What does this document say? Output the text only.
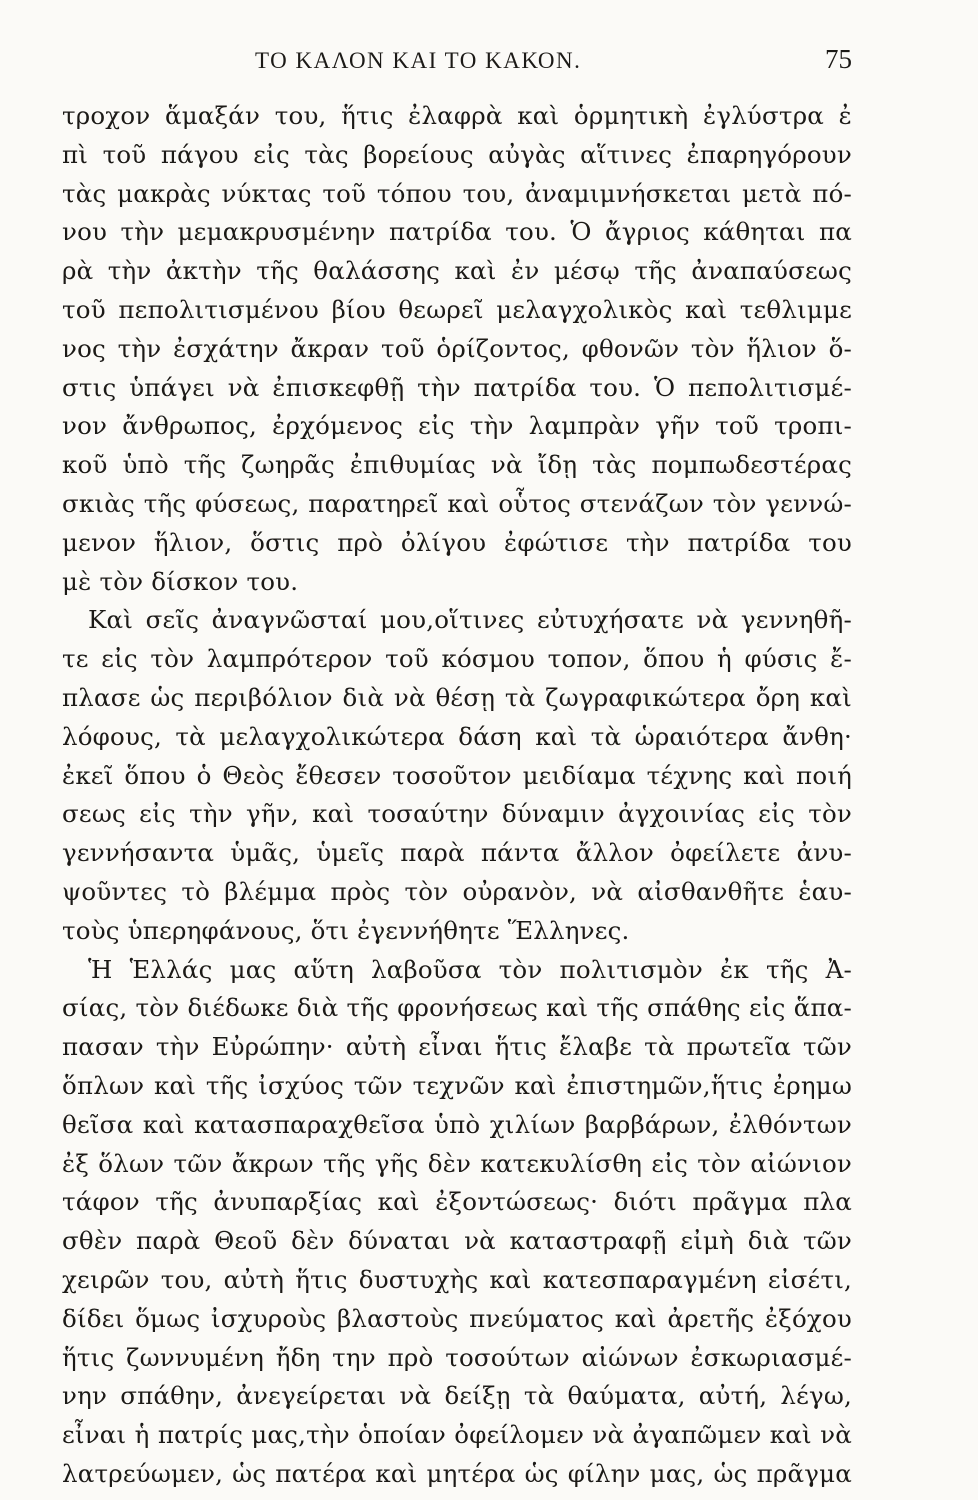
ΤΟ ΚΑΛΟΝ ΚΑΙ ΤΟ ΚΑΚΟΝ.	75
τροχον ἅμαξάν του, ἥτις ἐλαφρὰ καὶ ὁρμητικὴ ἐγλύστρα ἐ
πὶ τοῦ πάγου εἰς τὰς βορείους αὐγὰς αἵτινες ἐπαρηγόρουν
τὰς μακρὰς νύκτας τοῦ τόπου του, ἀναμιμνήσκεται μετὰ πό-
νου τὴν μεμακρυσμένην πατρίδα του. Ὁ ἄγριος κάθηται πα
ρὰ τὴν ἀκτὴν τῆς θαλάσσης καὶ ἐν μέσῳ τῆς ἀναπαύσεως
τοῦ πεπολιτισμένου βίου θεωρεῖ μελαγχολικὸς καὶ τεθλιμμε
νος τὴν ἐσχάτην ἄκραν τοῦ ὁρίζοντος, φθονῶν τὸν ἥλιον ὅ-
στις ὑπάγει νὰ ἐπισκεφθῇ τὴν πατρίδα του. Ὁ πεπολιτισμέ-
νον ἄνθρωπος, ἐρχόμενος εἰς τὴν λαμπρὰν γῆν τοῦ τροπι-
κοῦ ὑπὸ τῆς ζωηρᾶς ἐπιθυμίας νὰ ἴδῃ τὰς πομπωδεστέρας
σκιὰς τῆς φύσεως, παρατηρεῖ καὶ οὗτος στενάζων τὸν γεννώ-
μενον ἥλιον, ὅστις πρὸ ὀλίγου ἐφώτισε τὴν πατρίδα του
μὲ τὸν δίσκον του.
Καὶ σεῖς ἀναγνῶσταί μου,οἵτινες εὐτυχήσατε νὰ γεννηθῆ-
τε εἰς τὸν λαμπρότερον τοῦ κόσμου τοπον, ὅπου ἡ φύσις ἔ-
πλασε ὡς περιβόλιον διὰ νὰ θέσῃ τὰ ζωγραφικώτερα ὄρη καὶ
λόφους, τὰ μελαγχολικώτερα δάση καὶ τὰ ὡραιότερα ἄνθη·
ἐκεῖ ὅπου ὁ Θεὸς ἔθεσεν τοσοῦτον μειδίαμα τέχνης καὶ ποιή
σεως εἰς τὴν γῆν, καὶ τοσαύτην δύναμιν ἀγχοινίας εἰς τὸν
γεννήσαντα ὑμᾶς, ὑμεῖς παρὰ πάντα ἄλλον ὀφείλετε ἀνυ-
ψοῦντες τὸ βλέμμα πρὸς τὸν οὐρανὸν, νὰ αἰσθανθῆτε ἑαυ-
τοὺς ὑπερηφάνους, ὅτι ἐγεννήθητε Ἕλληνες.
Ἡ Ἑλλάς μας αὕτη λαβοῦσα τὸν πολιτισμὸν ἐκ τῆς Ἀ-
σίας, τὸν διέδωκε διὰ τῆς φρονήσεως καὶ τῆς σπάθης εἰς ἅπα-
πασαν τὴν Εὐρώπην· αὐτὴ εἶναι ἥτις ἔλαβε τὰ πρωτεῖα τῶν
ὅπλων καὶ τῆς ἰσχύος τῶν τεχνῶν καὶ ἐπιστημῶν,ἥτις ἐρημω
θεῖσα καὶ κατασπαραχθεῖσα ὑπὸ χιλίων βαρβάρων, ἐλθόντων
ἐξ ὅλων τῶν ἄκρων τῆς γῆς δὲν κατεκυλίσθη εἰς τὸν αἰώνιον
τάφον τῆς ἀνυπαρξίας καὶ ἐξοντώσεως· διότι πρᾶγμα πλα
σθὲν παρὰ Θεοῦ δὲν δύναται νὰ καταστραφῇ εἰμὴ διὰ τῶν
χειρῶν του, αὐτὴ ἥτις δυστυχὴς καὶ κατεσπαραγμένη εἰσέτι,
δίδει ὅμως ἰσχυροὺς βλαστοὺς πνεύματος καὶ ἀρετῆς ἐξόχου
ἥτις ζωννυμένη ἤδη την πρὸ τοσούτων αἰώνων ἐσκωριασμέ-
νην σπάθην, ἀνεγείρεται νὰ δείξῃ τὰ θαύματα, αὐτή, λέγω,
εἶναι ἡ πατρίς μας,τὴν ὁποίαν ὀφείλομεν νὰ ἀγαπῶμεν καὶ νὰ
λατρεύωμεν, ὡς πατέρα καὶ μητέρα ὡς φίλην μας, ὡς πρᾶγμα
